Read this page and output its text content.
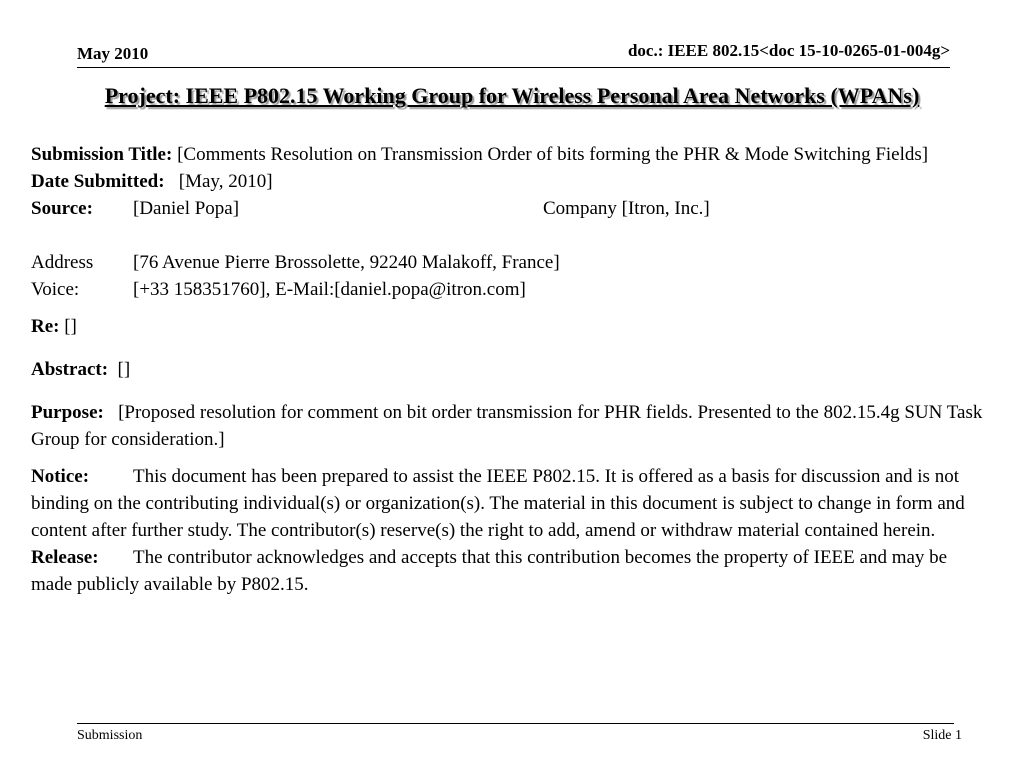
May 2010	doc.: IEEE 802.15<doc 15-10-0265-01-004g>
Project: IEEE P802.15 Working Group for Wireless Personal Area Networks (WPANs)

Submission Title: [Comments Resolution on Transmission Order of bits forming the PHR & Mode Switching Fields]

Date Submitted: [May, 2010]

Source: [Daniel Popa]	Company [Itron, Inc.]

Address [76 Avenue Pierre Brossolette, 92240 Malakoff, France]

Voice:	[+33 158351760], E-Mail:[daniel.popa@itron.com]

Re: []

Abstract: []

Purpose: [Proposed resolution for comment on bit order transmission for PHR fields. Presented to the 802.15.4g SUN Task Group for consideration.]

Notice: This document has been prepared to assist the IEEE P802.15. It is offered as a basis for discussion and is not binding on the contributing individual(s) or organization(s). The material in this document is subject to change in form and content after further study. The contributor(s) reserve(s) the right to add, amend or withdraw material contained herein.

Release: The contributor acknowledges and accepts that this contribution becomes the property of IEEE and may be made publicly available by P802.15.

Submission	Slide 1
